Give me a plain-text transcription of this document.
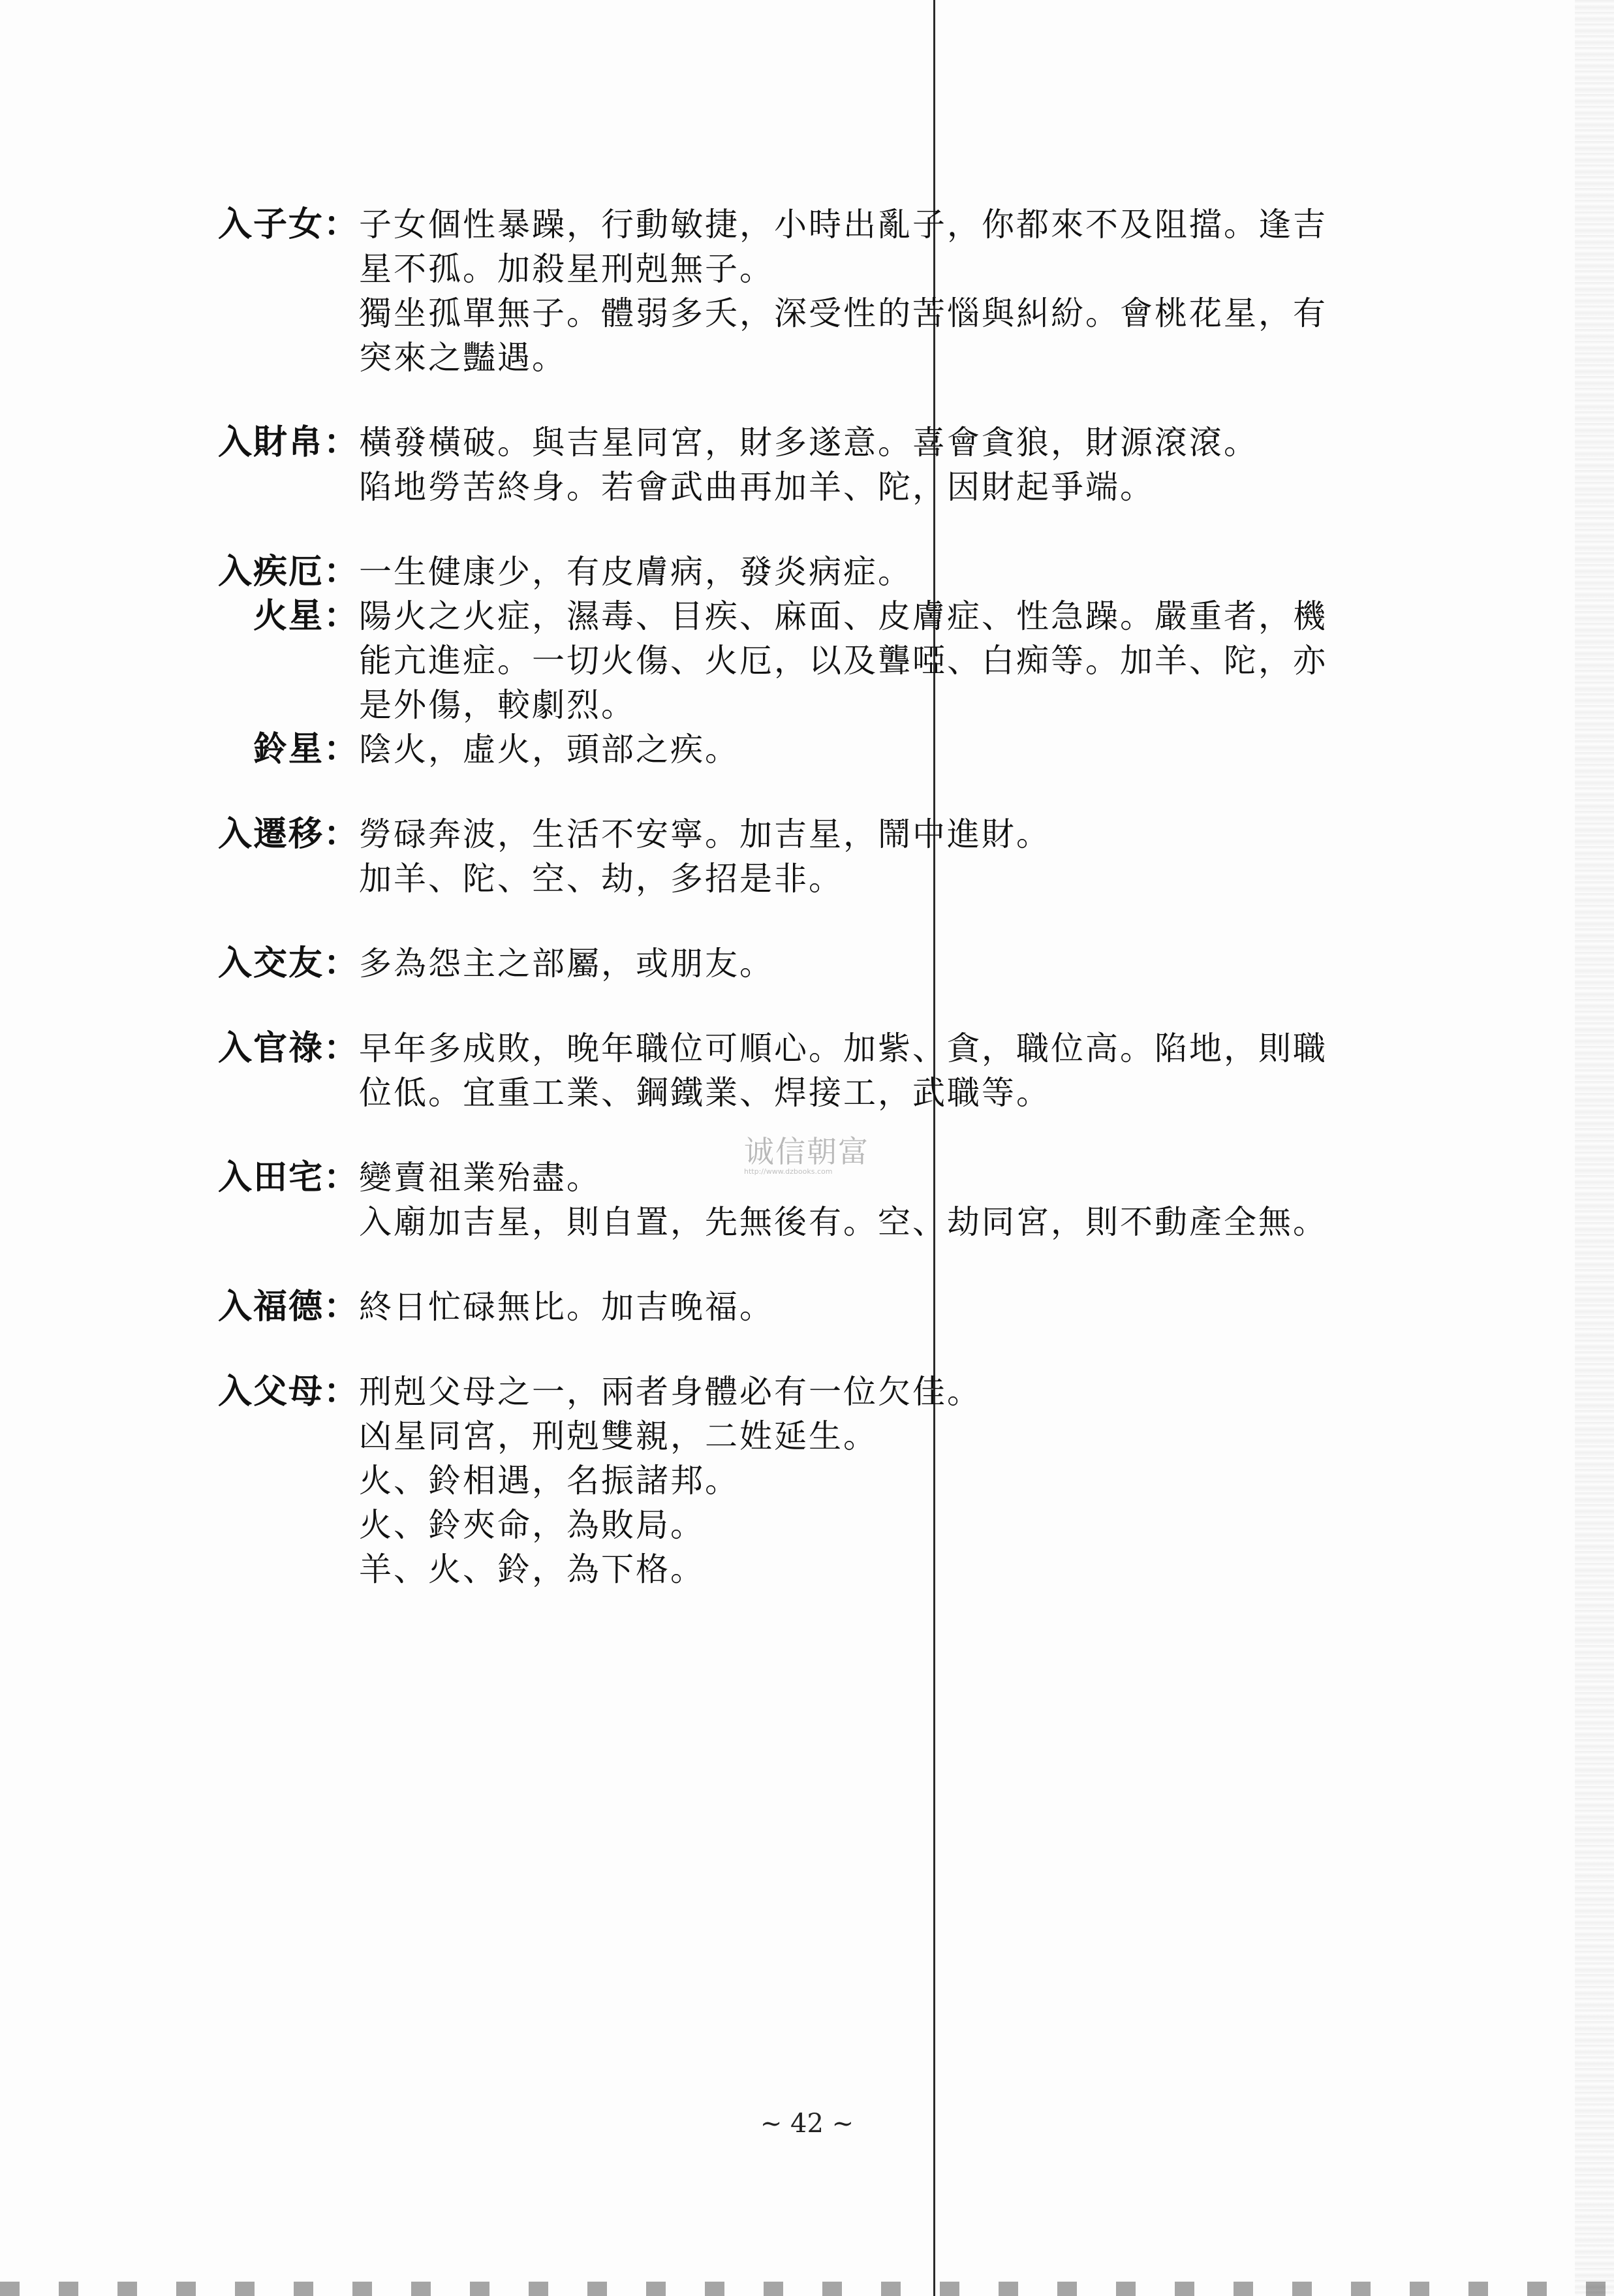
入子女： 子女個性暴躁，行動敏捷，小時出亂子，你都來不及阻擋。逢吉
星不孤。加殺星刑剋無子。
獨坐孤單無子。體弱多夭，深受性的苦惱與糾紛。會桃花星，有
突來之豔遇。
入財帛： 橫發橫破。與吉星同宮，財多遂意。喜會貪狼，財源滾滾。
陷地勞苦終身。若會武曲再加羊、陀，因財起爭端。
入疾厄： 一生健康少，有皮膚病，發炎病症。
火星： 陽火之火症，濕毒、目疾、麻面、皮膚症、性急躁。嚴重者，機
能亢進症。一切火傷、火厄，以及聾啞、白痴等。加羊、陀，亦
是外傷，較劇烈。
鈴星： 陰火，虛火，頭部之疾。
入遷移： 勞碌奔波，生活不安寧。加吉星，鬧中進財。
加羊、陀、空、劫，多招是非。
入交友： 多為怨主之部屬，或朋友。
入官祿： 早年多成敗，晚年職位可順心。加紫、貪，職位高。陷地，則職
位低。宜重工業、鋼鐵業、焊接工，武職等。
入田宅： 變賣祖業殆盡。
入廟加吉星，則自置，先無後有。空、劫同宮，則不動產全無。
入福德： 終日忙碌無比。加吉晚福。
入父母： 刑剋父母之一，兩者身體必有一位欠佳。
凶星同宮，刑剋雙親，二姓延生。
火、鈴相遇，名振諸邦。
火、鈴夾命，為敗局。
羊、火、鈴，為下格。
诚信朝富
http://www.dzbooks.com
~ 42 ~
